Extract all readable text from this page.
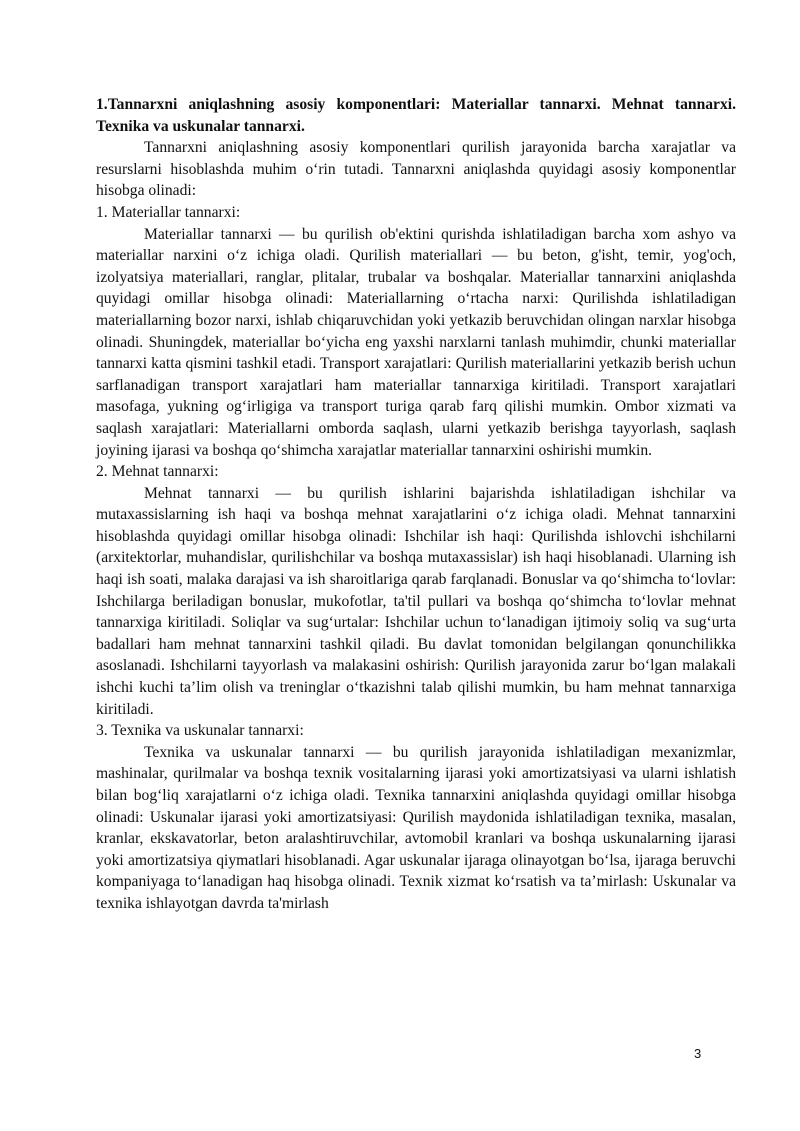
1.Tannarxni aniqlashning asosiy komponentlari: Materiallar tannarxi. Mehnat tannarxi. Texnika va uskunalar tannarxi.

Tannarxni aniqlashning asosiy komponentlari qurilish jarayonida barcha xarajatlar va resurslarni hisoblashda muhim o‘rin tutadi. Tannarxni aniqlashda quyidagi asosiy komponentlar hisobga olinadi:

1. Materiallar tannarxi:

Materiallar tannarxi — bu qurilish ob'ektini qurishda ishlatiladigan barcha xom ashyo va materiallar narxini o‘z ichiga oladi. Qurilish materiallari — bu beton, g'isht, temir, yog'och, izolyatsiya materiallari, ranglar, plitalar, trubalar va boshqalar. Materiallar tannarxini aniqlashda quyidagi omillar hisobga olinadi: Materiallarning o‘rtacha narxi: Qurilishda ishlatiladigan materiallarning bozor narxi, ishlab chiqaruvchidan yoki yetkazib beruvchidan olingan narxlar hisobga olinadi. Shuningdek, materiallar bo‘yicha eng yaxshi narxlarni tanlash muhimdir, chunki materiallar tannarxi katta qismini tashkil etadi. Transport xarajatlari: Qurilish materiallarini yetkazib berish uchun sarflanadigan transport xarajatlari ham materiallar tannarxiga kiritiladi. Transport xarajatlari masofaga, yukning og‘irligiga va transport turiga qarab farq qilishi mumkin. Ombor xizmati va saqlash xarajatlari: Materiallarni omborda saqlash, ularni yetkazib berishga tayyorlash, saqlash joyining ijarasi va boshqa qo‘shimcha xarajatlar materiallar tannarxini oshirishi mumkin.

2. Mehnat tannarxi:

Mehnat tannarxi — bu qurilish ishlarini bajarishda ishlatiladigan ishchilar va mutaxassislarning ish haqi va boshqa mehnat xarajatlarini o‘z ichiga oladi. Mehnat tannarxini hisoblashda quyidagi omillar hisobga olinadi: Ishchilar ish haqi: Qurilishda ishlovchi ishchilarni (arxitektorlar, muhandislar, qurilishchilar va boshqa mutaxassislar) ish haqi hisoblanadi. Ularning ish haqi ish soati, malaka darajasi va ish sharoitlariga qarab farqlanadi. Bonuslar va qo‘shimcha to‘lovlar: Ishchilarga beriladigan bonuslar, mukofotlar, ta'til pullari va boshqa qo‘shimcha to‘lovlar mehnat tannarxiga kiritiladi. Soliqlar va sug‘urtalar: Ishchilar uchun to‘lanadigan ijtimoiy soliq va sug‘urta badallari ham mehnat tannarxini tashkil qiladi. Bu davlat tomonidan belgilangan qonunchilikka asoslanadi. Ishchilarni tayyorlash va malakasini oshirish: Qurilish jarayonida zarur bo‘lgan malakali ishchi kuchi ta’lim olish va treninglar o‘tkazishni talab qilishi mumkin, bu ham mehnat tannarxiga kiritiladi.

3. Texnika va uskunalar tannarxi:

Texnika va uskunalar tannarxi — bu qurilish jarayonida ishlatiladigan mexanizmlar, mashinalar, qurilmalar va boshqa texnik vositalarning ijarasi yoki amortizatsiyasi va ularni ishlatish bilan bog‘liq xarajatlarni o‘z ichiga oladi. Texnika tannarxini aniqlashda quyidagi omillar hisobga olinadi: Uskunalar ijarasi yoki amortizatsiyasi: Qurilish maydonida ishlatiladigan texnika, masalan, kranlar, ekskavatorlar, beton aralashtiruvchilar, avtomobil kranlari va boshqa uskunalarning ijarasi yoki amortizatsiya qiymatlari hisoblanadi. Agar uskunalar ijaraga olinayotgan bo‘lsa, ijaraga beruvchi kompaniyaga to‘lanadigan haq hisobga olinadi. Texnik xizmat ko‘rsatish va ta’mirlash: Uskunalar va texnika ishlayotgan davrda ta'mirlash

3
